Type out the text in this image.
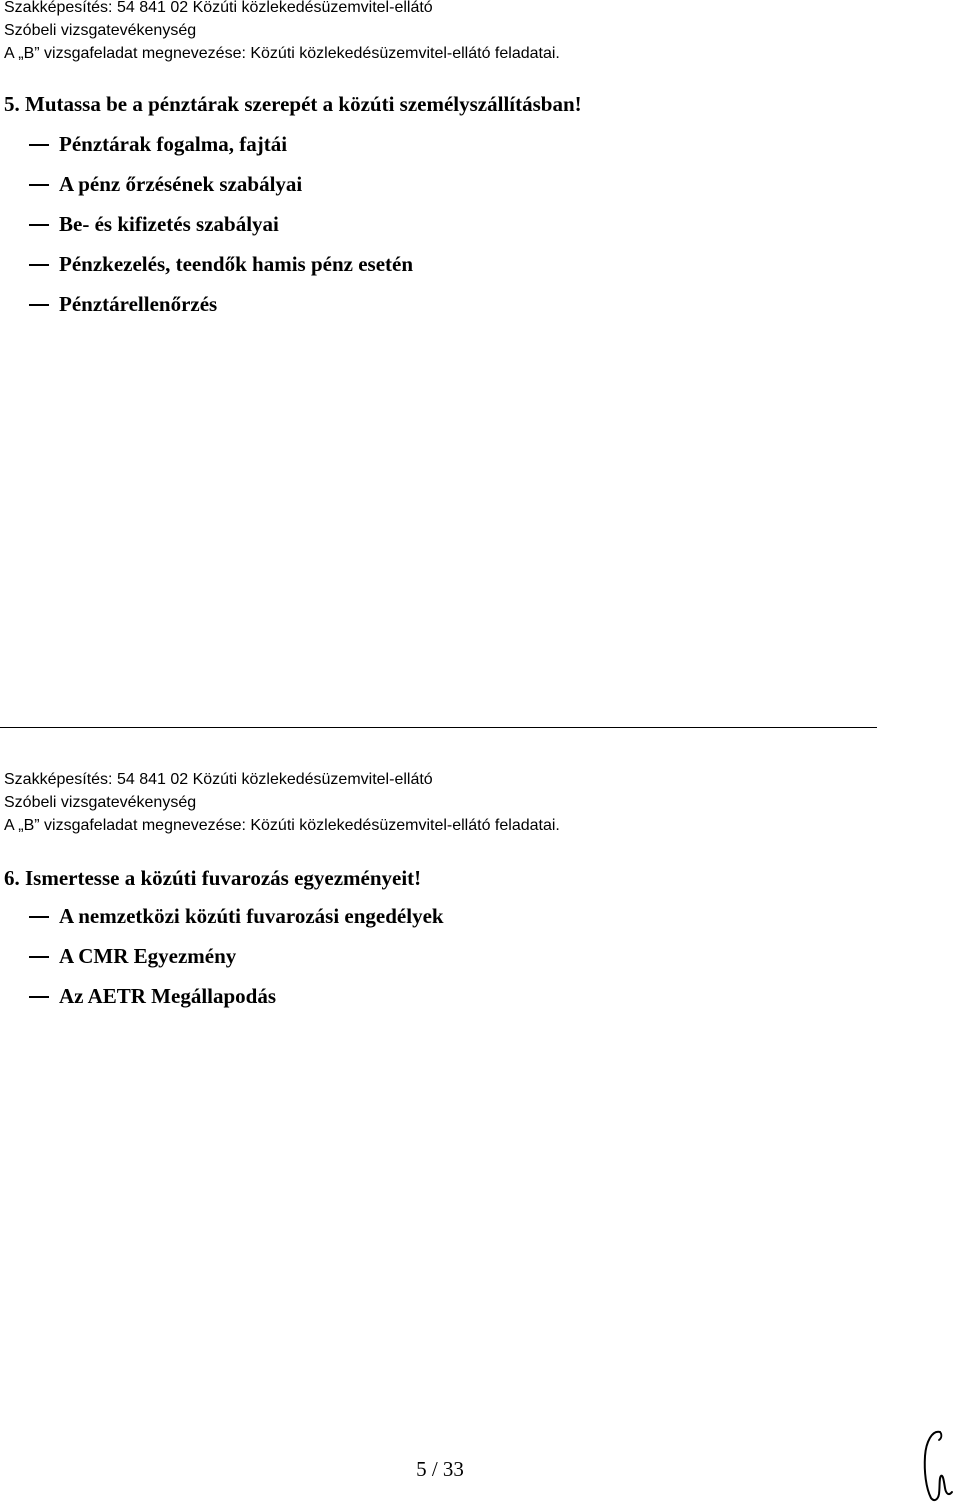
Szakképesítés: 54 841 02 Közúti közlekedésüzemvitel-ellátó
Szóbeli vizsgatevékenység
A „B” vizsgafeladat megnevezése: Közúti közlekedésüzemvitel-ellátó feladatai.
5. Mutassa be a pénztárak szerepét a közúti személyszállításban!
Pénztárak fogalma, fajtái
A pénz őrzésének szabályai
Be- és kifizetés szabályai
Pénzkezelés, teendők hamis pénz esetén
Pénztárellenőrzés
Szakképesítés: 54 841 02 Közúti közlekedésüzemvitel-ellátó
Szóbeli vizsgatevékenység
A „B” vizsgafeladat megnevezése: Közúti közlekedésüzemvitel-ellátó feladatai.
6. Ismertesse a közúti fuvarozás egyezményeit!
A nemzetközi közúti fuvarozási engedélyek
A CMR Egyezmény
Az AETR Megállapodás
5 / 33
